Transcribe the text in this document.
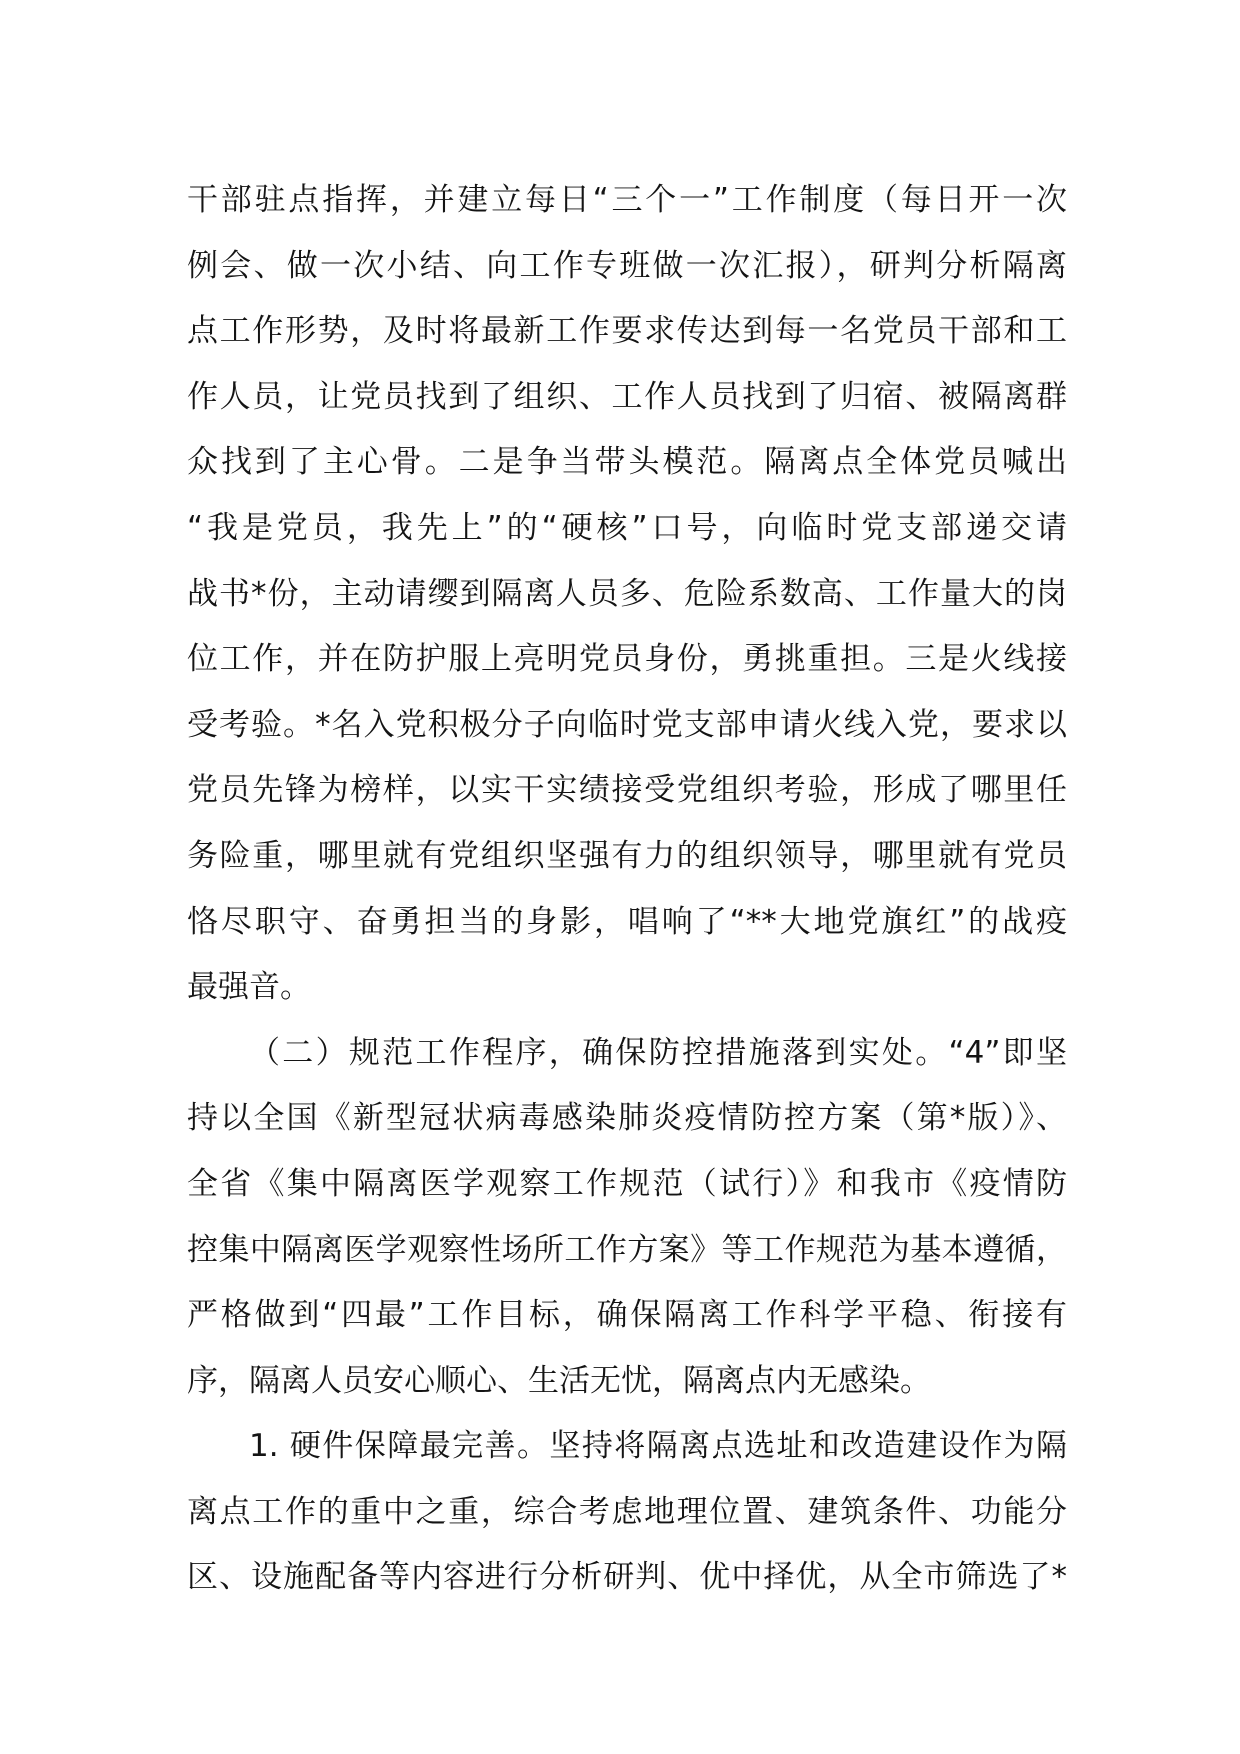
干部驻点指挥，并建立每日“三个一”工作制度（每日开一次
例会、做一次小结、向工作专班做一次汇报），研判分析隔离
点工作形势，及时将最新工作要求传达到每一名党员干部和工
作人员，让党员找到了组织、工作人员找到了归宿、被隔离群
众找到了主心骨。二是争当带头模范。隔离点全体党员喊出
“我是党员，我先上”的“硬核”口号，向临时党支部递交请
战书*份，主动请缨到隔离人员多、危险系数高、工作量大的岗
位工作，并在防护服上亮明党员身份，勇挑重担。三是火线接
受考验。*名入党积极分子向临时党支部申请火线入党，要求以
党员先锋为榜样，以实干实绩接受党组织考验，形成了哪里任
务险重，哪里就有党组织坚强有力的组织领导，哪里就有党员
恪尽职守、奋勇担当的身影，唱响了“**大地党旗红”的战疫
最强音。
（二）规范工作程序，确保防控措施落到实处。“4”即坚
持以全国《新型冠状病毒感染肺炎疫情防控方案（第*版）》、
全省《集中隔离医学观察工作规范（试行）》和我市《疫情防
控集中隔离医学观察性场所工作方案》等工作规范为基本遵循，
严格做到“四最”工作目标，确保隔离工作科学平稳、衔接有
序，隔离人员安心顺心、生活无忧，隔离点内无感染。
1. 硬件保障最完善。坚持将隔离点选址和改造建设作为隔
离点工作的重中之重，综合考虑地理位置、建筑条件、功能分
区、设施配备等内容进行分析研判、优中择优，从全市筛选了*
